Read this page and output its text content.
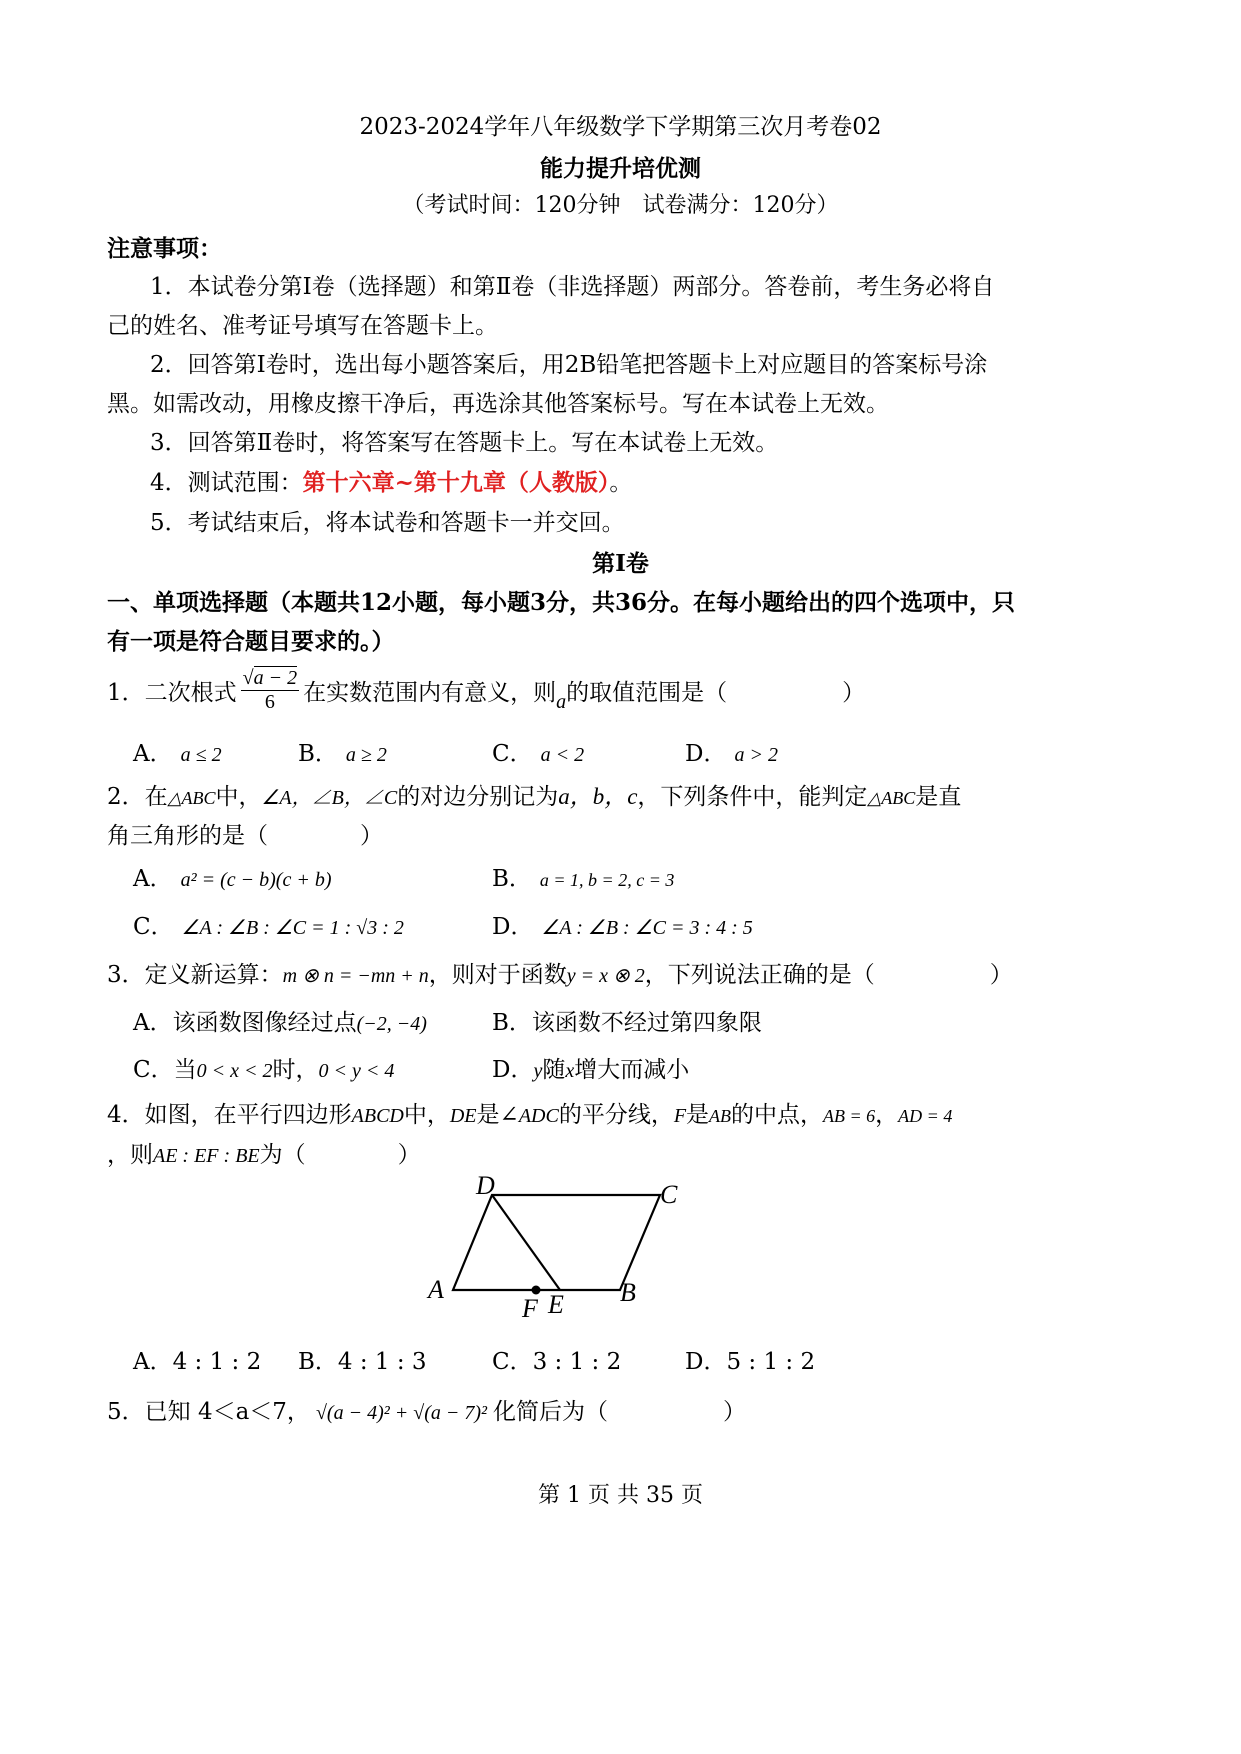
2023-2024学年八年级数学下学期第三次月考卷02
能力提升培优测
（考试时间：120分钟　试卷满分：120分）
注意事项：
1．本试卷分第Ⅰ卷（选择题）和第Ⅱ卷（非选择题）两部分。答卷前，考生务必将自
己的姓名、准考证号填写在答题卡上。
2．回答第Ⅰ卷时，选出每小题答案后，用2B铅笔把答题卡上对应题目的答案标号涂
黑。如需改动，用橡皮擦干净后，再选涂其他答案标号。写在本试卷上无效。
3．回答第Ⅱ卷时，将答案写在答题卡上。写在本试卷上无效。
4．测试范围：第十六章~第十九章（人教版）。
5．考试结束后，将本试卷和答题卡一并交回。
第Ⅰ卷
一、单项选择题（本题共12小题，每小题3分，共36分。在每小题给出的四个选项中，只
有一项是符合题目要求的。）
1．二次根式 $\frac{√a - 2}{6}$ 在实数范围内有意义，则 a 的取值范围是（　　　　　）
A． a ≤ 2	B． a ≥ 2	C． a < 2	D． a > 2
2．在△ABC中，∠A，∠B，∠C的对边分别记为a，b，c，下列条件中，能判定△ABC是直
角三角形的是（　　　　）
A． a² = (c − b)(c + b)	B． a = 1, b = 2, c = 3
C． ∠A : ∠B : ∠C = 1 : √3 : 2	D． ∠A : ∠B : ∠C = 3 : 4 : 5
3．定义新运算：m ⊗ n = −mn + n，则对于函数y = x ⊗ 2，下列说法正确的是（　　　　　）
A．该函数图像经过点(−2, −4)	B．该函数不经过第四象限
C．当0 < x < 2时，0 < y < 4	D．y随x增大而减小
4．如图，在平行四边形ABCD中，DE是∠ADC的平分线，F是AB的中点，AB = 6，AD = 4
，则AE : EF : BE为（　　　　）
D	C
A
F E B
A．4 : 1 : 2 B．4 : 1 : 3	C．3 : 1 : 2	D．5 : 1 : 2
5．已知 4＜a＜7， √(a − 4)² + √(a − 7)² 化简后为（　　　　　）
第 1 页 共 35 页
